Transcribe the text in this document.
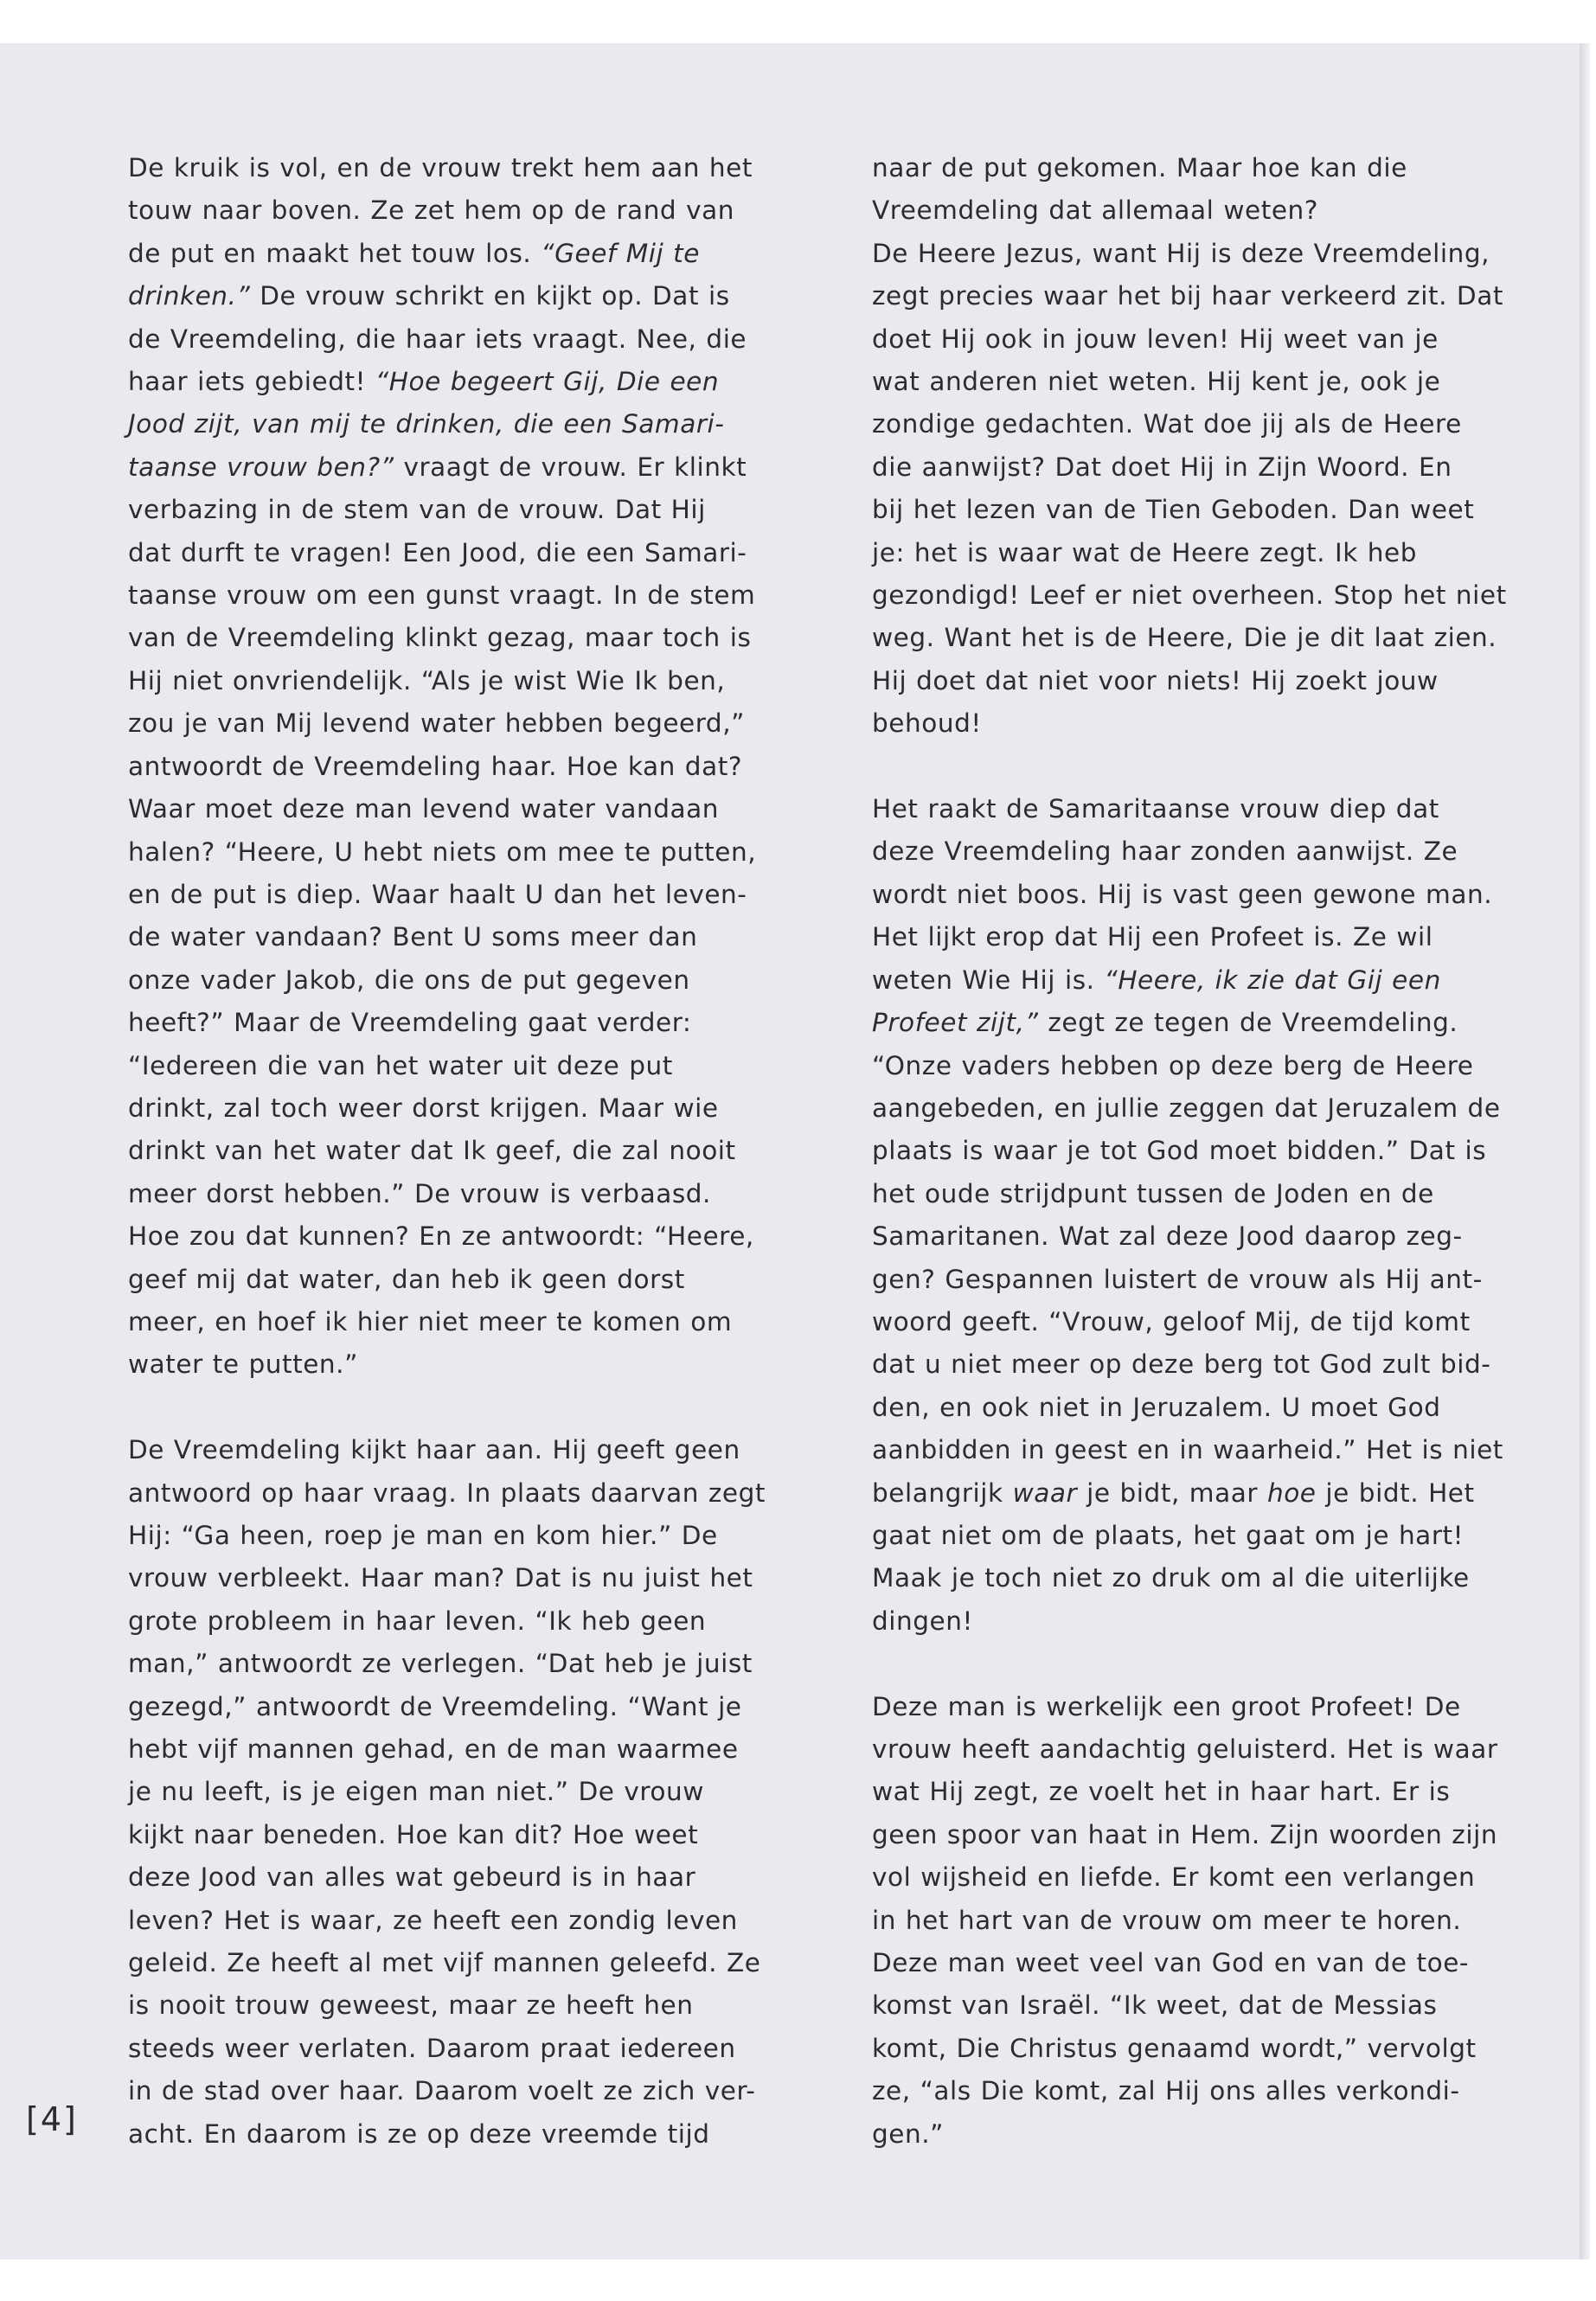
De kruik is vol, en de vrouw trekt hem aan het
touw naar boven. Ze zet hem op de rand van
de put en maakt het touw los. “Geef Mij te
drinken.” De vrouw schrikt en kijkt op. Dat is
de Vreemdeling, die haar iets vraagt. Nee, die
haar iets gebiedt! “Hoe begeert Gij, Die een
Jood zijt, van mij te drinken, die een Samari-
taanse vrouw ben?” vraagt de vrouw. Er klinkt
verbazing in de stem van de vrouw. Dat Hij
dat durft te vragen! Een Jood, die een Samari-
taanse vrouw om een gunst vraagt. In de stem
van de Vreemdeling klinkt gezag, maar toch is
Hij niet onvriendelijk. “Als je wist Wie Ik ben,
zou je van Mij levend water hebben begeerd,”
antwoordt de Vreemdeling haar. Hoe kan dat?
Waar moet deze man levend water vandaan
halen? “Heere, U hebt niets om mee te putten,
en de put is diep. Waar haalt U dan het leven-
de water vandaan? Bent U soms meer dan
onze vader Jakob, die ons de put gegeven
heeft?” Maar de Vreemdeling gaat verder:
“Iedereen die van het water uit deze put
drinkt, zal toch weer dorst krijgen. Maar wie
drinkt van het water dat Ik geef, die zal nooit
meer dorst hebben.” De vrouw is verbaasd.
Hoe zou dat kunnen? En ze antwoordt: “Heere,
geef mij dat water, dan heb ik geen dorst
meer, en hoef ik hier niet meer te komen om
water te putten.”

De Vreemdeling kijkt haar aan. Hij geeft geen
antwoord op haar vraag. In plaats daarvan zegt
Hij: “Ga heen, roep je man en kom hier.” De
vrouw verbleekt. Haar man? Dat is nu juist het
grote probleem in haar leven. “Ik heb geen
man,” antwoordt ze verlegen. “Dat heb je juist
gezegd,” antwoordt de Vreemdeling. “Want je
hebt vijf mannen gehad, en de man waarmee
je nu leeft, is je eigen man niet.” De vrouw
kijkt naar beneden. Hoe kan dit? Hoe weet
deze Jood van alles wat gebeurd is in haar
leven? Het is waar, ze heeft een zondig leven
geleid. Ze heeft al met vijf mannen geleefd. Ze
is nooit trouw geweest, maar ze heeft hen
steeds weer verlaten. Daarom praat iedereen
in de stad over haar. Daarom voelt ze zich ver-
acht. En daarom is ze op deze vreemde tijd

naar de put gekomen. Maar hoe kan die
Vreemdeling dat allemaal weten?
De Heere Jezus, want Hij is deze Vreemdeling,
zegt precies waar het bij haar verkeerd zit. Dat
doet Hij ook in jouw leven! Hij weet van je
wat anderen niet weten. Hij kent je, ook je
zondige gedachten. Wat doe jij als de Heere
die aanwijst? Dat doet Hij in Zijn Woord. En
bij het lezen van de Tien Geboden. Dan weet
je: het is waar wat de Heere zegt. Ik heb
gezondigd! Leef er niet overheen. Stop het niet
weg. Want het is de Heere, Die je dit laat zien.
Hij doet dat niet voor niets! Hij zoekt jouw
behoud!

Het raakt de Samaritaanse vrouw diep dat
deze Vreemdeling haar zonden aanwijst. Ze
wordt niet boos. Hij is vast geen gewone man.
Het lijkt erop dat Hij een Profeet is. Ze wil
weten Wie Hij is. “Heere, ik zie dat Gij een
Profeet zijt,” zegt ze tegen de Vreemdeling.
“Onze vaders hebben op deze berg de Heere
aangebeden, en jullie zeggen dat Jeruzalem de
plaats is waar je tot God moet bidden.” Dat is
het oude strijdpunt tussen de Joden en de
Samaritanen. Wat zal deze Jood daarop zeg-
gen? Gespannen luistert de vrouw als Hij ant-
woord geeft. “Vrouw, geloof Mij, de tijd komt
dat u niet meer op deze berg tot God zult bid-
den, en ook niet in Jeruzalem. U moet God
aanbidden in geest en in waarheid.” Het is niet
belangrijk waar je bidt, maar hoe je bidt. Het
gaat niet om de plaats, het gaat om je hart!
Maak je toch niet zo druk om al die uiterlijke
dingen!

Deze man is werkelijk een groot Profeet! De
vrouw heeft aandachtig geluisterd. Het is waar
wat Hij zegt, ze voelt het in haar hart. Er is
geen spoor van haat in Hem. Zijn woorden zijn
vol wijsheid en liefde. Er komt een verlangen
in het hart van de vrouw om meer te horen.
Deze man weet veel van God en van de toe-
komst van Israël. “Ik weet, dat de Messias
komt, Die Christus genaamd wordt,” vervolgt
ze, “als Die komt, zal Hij ons alles verkondi-
gen.”

[4]
